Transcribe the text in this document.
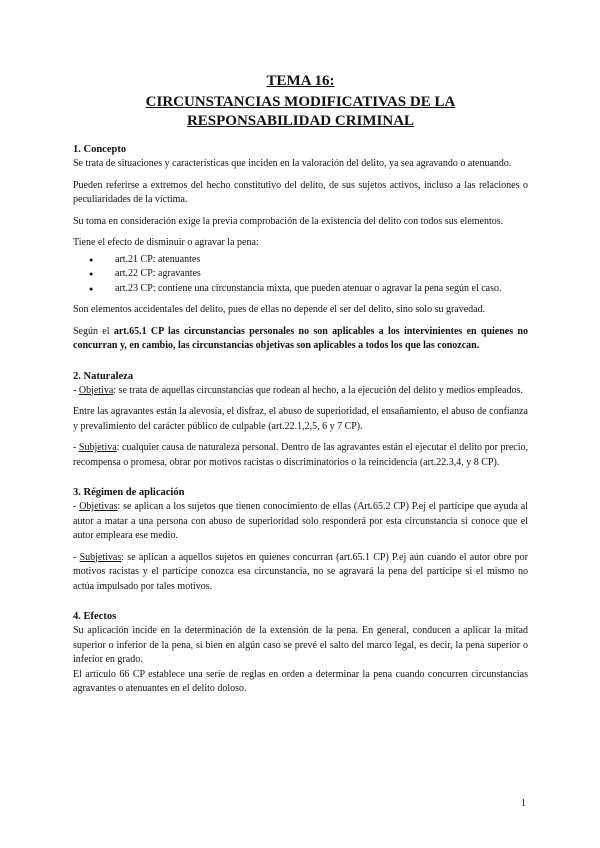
TEMA 16:
CIRCUNSTANCIAS MODIFICATIVAS DE LA RESPONSABILIDAD CRIMINAL
1. Concepto

Se trata de situaciones y características que inciden en la valoración del delito, ya sea agravando o atenuando.

Pueden referirse a extremos del hecho constitutivo del delito, de sus sujetos activos, incluso a las relaciones o peculiaridades de la víctima.

Su toma en consideración exige la previa comprobación de la existencia del delito con todos sus elementos.

Tiene el efecto de disminuir o agravar la pena:

● art.21 CP: atenuantes
● art.22 CP: agravantes
● art.23 CP: contiene una circunstancia mixta, que pueden atenuar o agravar la pena según el caso.

Son elementos accidentales del delito, pues de ellas no depende el ser del delito, sino solo su gravedad.

Según el art.65.1 CP las circunstancias personales no son aplicables a los intervinientes en quienes no concurran y, en cambio, las circunstancias objetivas son aplicables a todos los que las conozcan.

2. Naturaleza

- Objetiva: se trata de aquellas circunstancias que rodean al hecho, a la ejecución del delito y medios empleados.

Entre las agravantes están la alevosía, el disfraz, el abuso de superioridad, el ensañamiento, el abuso de confianza y prevalimiento del carácter público de culpable (art.22.1,2,5, 6 y 7 CP).

- Subjetiva: cualquier causa de naturaleza personal. Dentro de las agravantes están el ejecutar el delito por precio, recompensa o promesa, obrar por motivos racistas o discriminatorios o la reincidencia (art.22.3,4, y 8 CP).

3. Régimen de aplicación

- Objetivas: se aplican a los sujetos que tienen conocimiento de ellas (Art.65.2 CP) P.ej el partícipe que ayuda al autor a matar a una persona con abuso de superioridad solo responderá por esta circunstancia si conoce que el autor empleara ese medio.

- Subjetivas: se aplican a aquellos sujetos en quienes concurran (art.65.1 CP) P.ej aún cuando el autor obre por motivos racistas y el partícipe conozca esa circunstancia, no se agravará la pena del partícipe si el mismo no actúa impulsado por tales motivos.

4. Efectos

Su aplicación incide en la determinación de la extensión de la pena. En general, conducen a aplicar la mitad superior o inferior de la pena, si bien en algún caso se prevé el salto del marco legal, es decir, la pena superior o inferior en grado.

El artículo 66 CP establece una serie de reglas en orden a determinar la pena cuando concurren circunstancias agravantes o atenuantes en el delito doloso.

1
